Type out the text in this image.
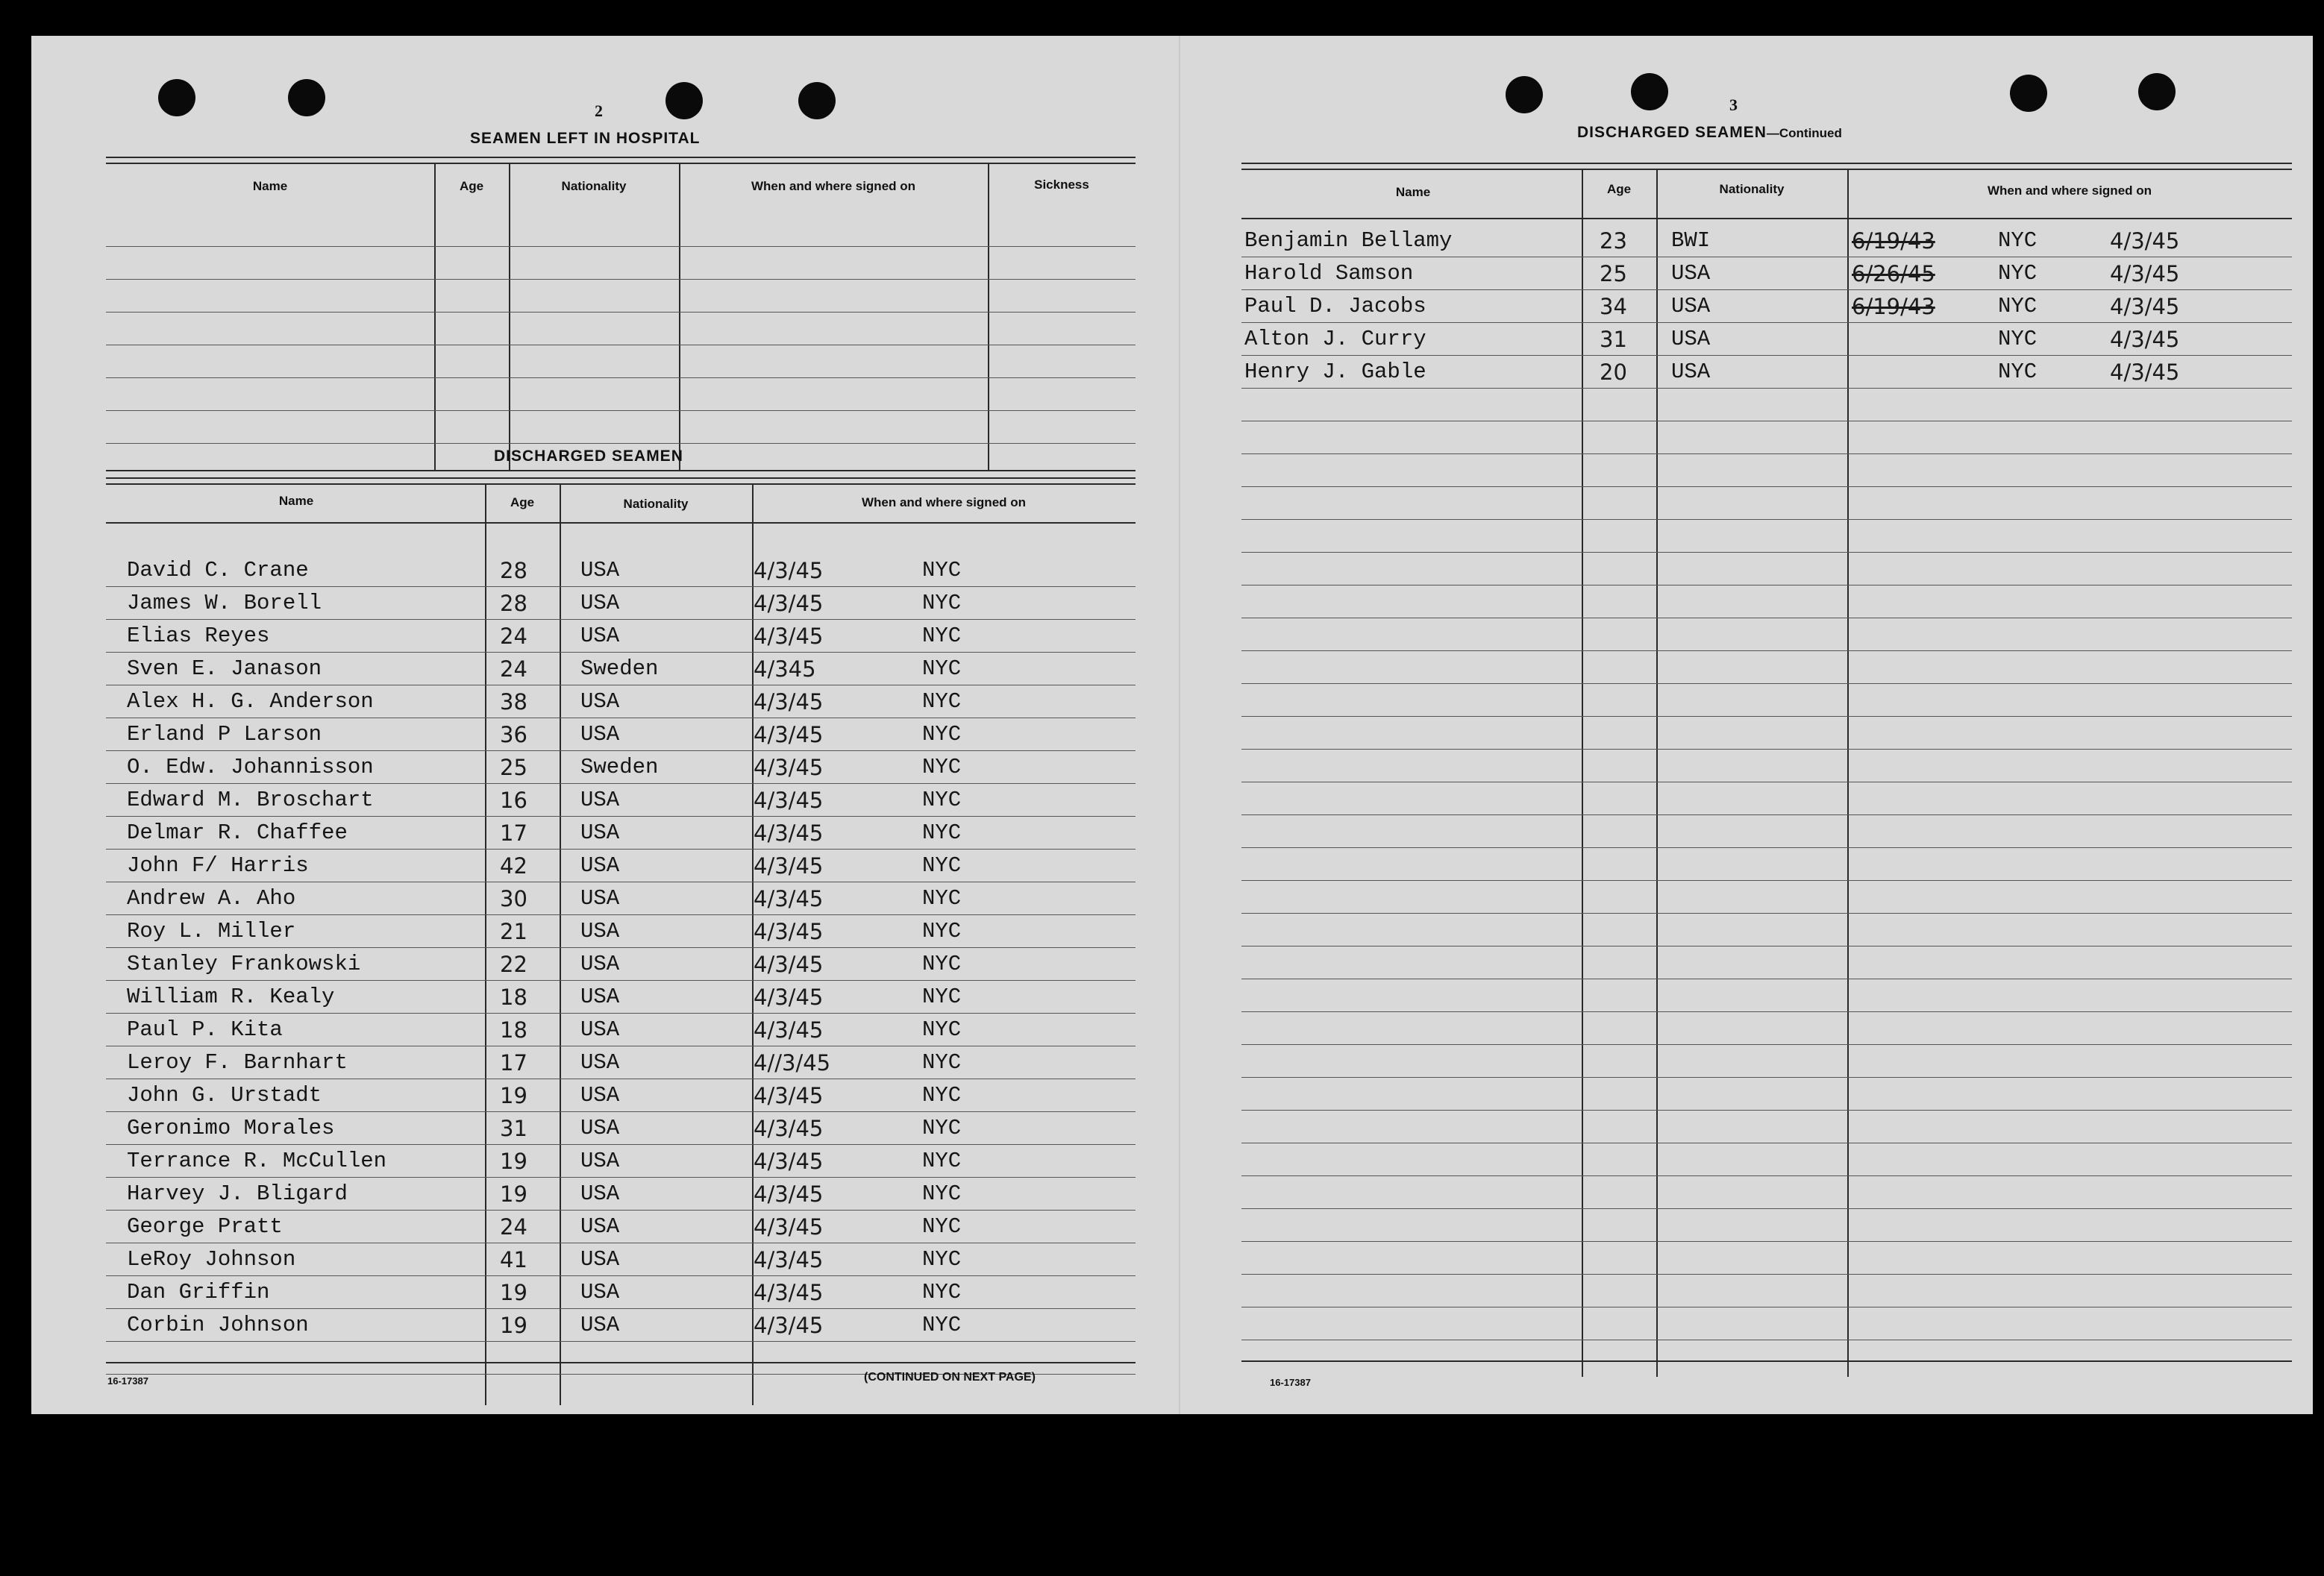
2
SEAMEN LEFT IN HOSPITAL
Name	Age	Nationality	When and where signed on	Sickness
DISCHARGED SEAMEN
Name	Age	Nationality	When and where signed on
David C. Crane	28 USA	4/3/45	NYC
James W. Borell	28 USA	4/3/45	NYC
Elias Reyes	24 USA	4/3/45	NYC
Sven E. Janason	24 Sweden	4/345	NYC
Alex H. G. Anderson	38 USA	4/3/45	NYC
Erland P Larson	36 USA	4/3/45	NYC
O. Edw. Johannisson	25 Sweden	4/3/45	NYC
Edward M. Broschart	16 USA	4/3/45	NYC
Delmar R. Chaffee	17 USA	4/3/45	NYC
John F/ Harris	42 USA	4/3/45	NYC
Andrew A. Aho	30 USA	4/3/45	NYC
Roy L. Miller	21 USA	4/3/45	NYC
Stanley Frankowski	22 USA	4/3/45	NYC
William R. Kealy	18 USA	4/3/45	NYC
Paul P. Kita	18 USA	4/3/45	NYC
Leroy F. Barnhart	17 USA	4//3/45	NYC
John G. Urstadt	19 USA	4/3/45	NYC
Geronimo Morales	31 USA	4/3/45	NYC
Terrance R. McCullen	19 USA	4/3/45	NYC
Harvey J. Bligard	19 USA	4/3/45	NYC
George Pratt	24 USA	4/3/45	NYC
LeRoy Johnson	41 USA	4/3/45	NYC
Dan Griffin	19 USA	4/3/45	NYC
Corbin Johnson	19 USA	4/3/45	NYC
16-17387	(CONTINUED ON NEXT PAGE)
3
DISCHARGED SEAMEN—Continued
Name	Age	Nationality	When and where signed on
Benjamin Bellamy	23 BWI	6/19/43	NYC	4/3/45
Harold Samson	25 USA	6/26/45	NYC	4/3/45
Paul D. Jacobs	34 USA	6/19/43	NYC	4/3/45
Alton J. Curry	31 USA	NYC	4/3/45
Henry J. Gable	20 USA	NYC	4/3/45
16-17387
